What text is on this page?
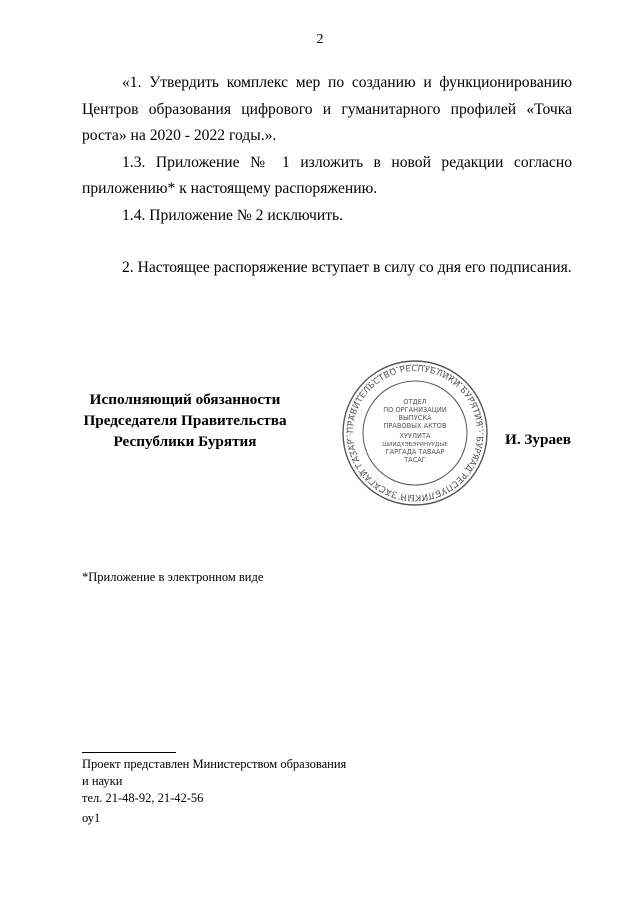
2

«1. Утвердить комплекс мер по созданию и функционированию Центров образования цифрового и гуманитарного профилей «Точка роста» на 2020 - 2022 годы.».

1.3. Приложение № 1 изложить в новой редакции согласно приложению* к настоящему распоряжению.

1.4. Приложение № 2 исключить.

2. Настоящее распоряжение вступает в силу со дня его подписания.

Исполняющий обязанности
Председателя Правительства
Республики Бурятия
ПРАВИТЕЛЬСТВО РЕСПУБЛИКИ БУРЯТИЯ · БУРЯАД РЕСПУБЛИКЫН ЗАСАГАЙ ГАЗАР ·
ОТДЕЛ
ПО ОРГАНИЗАЦИИ
ВЫПУСКА
ПРАВОВЫХ АКТОВ
ХУУЛИТА
ШИИДХЭБЭРИНУУДЫЕ
ГАРГАДА ТАВААР
ТАСАГ
И. Зураев
*Приложение в электронном виде
Проект представлен Министерством образования
и науки
тел. 21-48-92, 21-42-56
оу1
